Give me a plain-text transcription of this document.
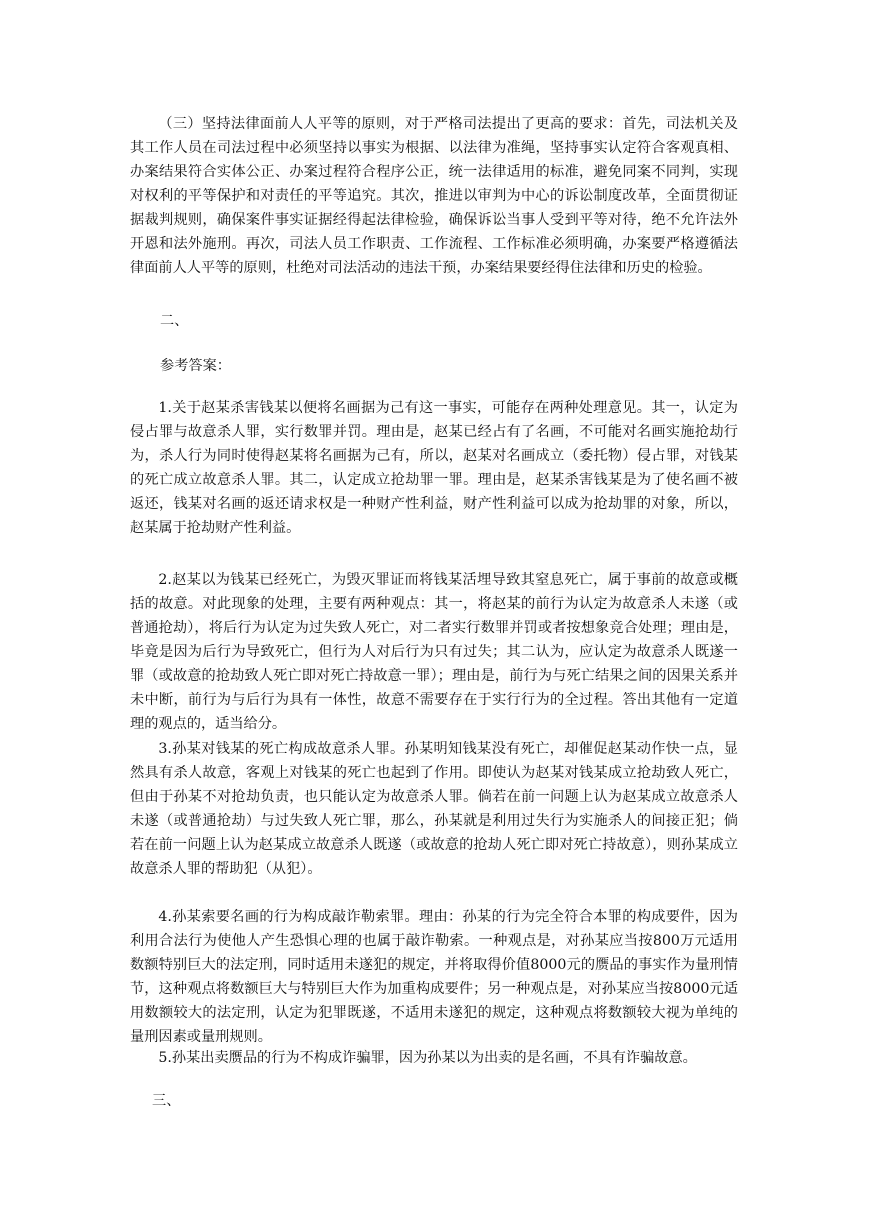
（三）坚持法律面前人人平等的原则，对于严格司法提出了更高的要求：首先，司法机关及其工作人员在司法过程中必须坚持以事实为根据、以法律为准绳，坚持事实认定符合客观真相、办案结果符合实体公正、办案过程符合程序公正，统一法律适用的标准，避免同案不同判，实现对权利的平等保护和对责任的平等追究。其次，推进以审判为中心的诉讼制度改革，全面贯彻证据裁判规则，确保案件事实证据经得起法律检验，确保诉讼当事人受到平等对待，绝不允许法外开恩和法外施刑。再次，司法人员工作职责、工作流程、工作标准必须明确，办案要严格遵循法律面前人人平等的原则，杜绝对司法活动的违法干预，办案结果要经得住法律和历史的检验。

二、

参考答案：

1.关于赵某杀害钱某以便将名画据为己有这一事实，可能存在两种处理意见。其一，认定为侵占罪与故意杀人罪，实行数罪并罚。理由是，赵某已经占有了名画，不可能对名画实施抢劫行为，杀人行为同时使得赵某将名画据为己有，所以，赵某对名画成立（委托物）侵占罪，对钱某的死亡成立故意杀人罪。其二，认定成立抢劫罪一罪。理由是，赵某杀害钱某是为了使名画不被返还，钱某对名画的返还请求权是一种财产性利益，财产性利益可以成为抢劫罪的对象，所以，赵某属于抢劫财产性利益。

2.赵某以为钱某已经死亡，为毁灭罪证而将钱某活埋导致其窒息死亡，属于事前的故意或概括的故意。对此现象的处理，主要有两种观点：其一，将赵某的前行为认定为故意杀人未遂（或普通抢劫），将后行为认定为过失致人死亡，对二者实行数罪并罚或者按想象竞合处理；理由是，毕竟是因为后行为导致死亡，但行为人对后行为只有过失；其二认为，应认定为故意杀人既遂一罪（或故意的抢劫致人死亡即对死亡持故意一罪）；理由是，前行为与死亡结果之间的因果关系并未中断，前行为与后行为具有一体性，故意不需要存在于实行行为的全过程。答出其他有一定道理的观点的，适当给分。

3.孙某对钱某的死亡构成故意杀人罪。孙某明知钱某没有死亡，却催促赵某动作快一点，显然具有杀人故意，客观上对钱某的死亡也起到了作用。即使认为赵某对钱某成立抢劫致人死亡，但由于孙某不对抢劫负责，也只能认定为故意杀人罪。倘若在前一问题上认为赵某成立故意杀人未遂（或普通抢劫）与过失致人死亡罪，那么，孙某就是利用过失行为实施杀人的间接正犯；倘若在前一问题上认为赵某成立故意杀人既遂（或故意的抢劫人死亡即对死亡持故意），则孙某成立故意杀人罪的帮助犯（从犯）。

4.孙某索要名画的行为构成敲诈勒索罪。理由：孙某的行为完全符合本罪的构成要件，因为利用合法行为使他人产生恐惧心理的也属于敲诈勒索。一种观点是，对孙某应当按800万元适用数额特别巨大的法定刑，同时适用未遂犯的规定，并将取得价值8000元的赝品的事实作为量刑情节，这种观点将数额巨大与特别巨大作为加重构成要件；另一种观点是，对孙某应当按8000元适用数额较大的法定刑，认定为犯罪既遂，不适用未遂犯的规定，这种观点将数额较大视为单纯的量刑因素或量刑规则。

5.孙某出卖赝品的行为不构成诈骗罪，因为孙某以为出卖的是名画，不具有诈骗故意。

三、
